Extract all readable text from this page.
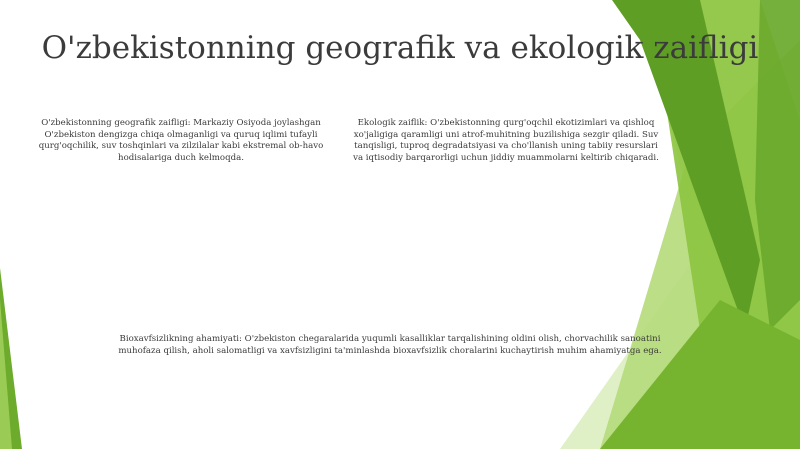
O'zbekistonning geografik va ekologik zaifligi

O'zbekistonning geografik zaifligi: Markaziy Osiyoda joylashgan O'zbekiston dengizga chiqa olmaganligi va quruq iqlimi tufayli qurg'oqchilik, suv toshqinlari va zilzilalar kabi ekstremal ob-havo hodisalariga duch kelmoqda.

Ekologik zaiflik: O'zbekistonning qurg'oqchil ekotizimlari va qishloq xo'jaligiga qaramligi uni atrof-muhitning buzilishiga sezgir qiladi. Suv tanqisligi, tuproq degradatsiyasi va cho'llanish uning tabiiy resurslari va iqtisodiy barqarorligi uchun jiddiy muammolarni keltirib chiqaradi.

Bioxavfsizlikning ahamiyati: O'zbekiston chegaralarida yuqumli kasalliklar tarqalishining oldini olish, chorvachilik sanoatini muhofaza qilish, aholi salomatligi va xavfsizligini ta'minlashda bioxavfsizlik choralarini kuchaytirish muhim ahamiyatga ega.
